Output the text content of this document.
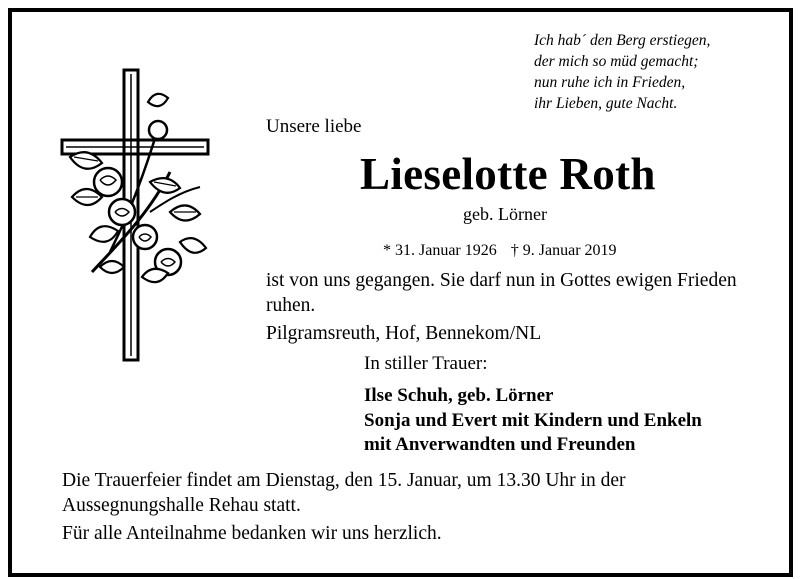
Ich hab´ den Berg erstiegen,
der mich so müd gemacht;
nun ruhe ich in Frieden,
ihr Lieben, gute Nacht.
Unsere liebe
Lieselotte Roth
geb. Lörner
* 31. Januar 1926 † 9. Januar 2019
ist von uns gegangen. Sie darf nun in Gottes ewigen Frieden ruhen.
Pilgramsreuth, Hof, Bennekom/NL
In stiller Trauer:
Ilse Schuh, geb. Lörner
Sonja und Evert mit Kindern und Enkeln
mit Anverwandten und Freunden
Die Trauerfeier findet am Dienstag, den 15. Januar, um 13.30 Uhr in der
Aussegnungshalle Rehau statt.
Für alle Anteilnahme bedanken wir uns herzlich.
